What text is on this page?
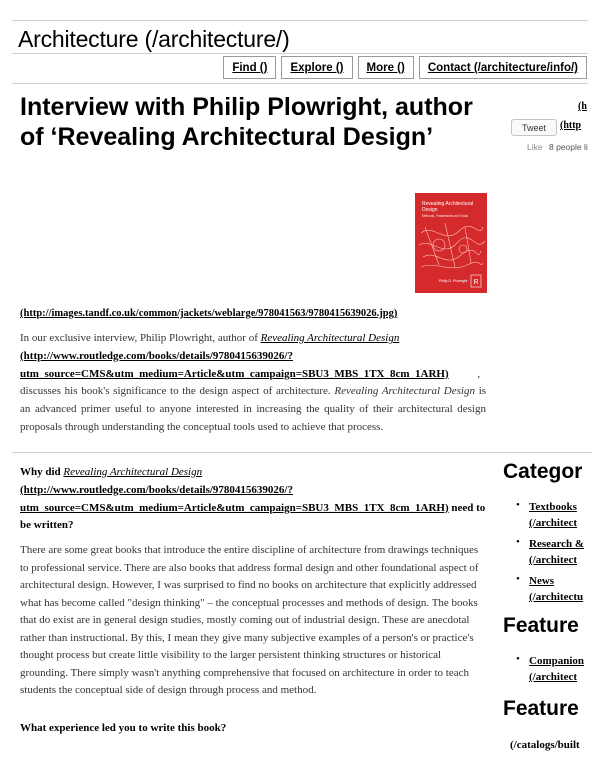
Architecture (/architecture/)
Find ()	Explore ()	More ()	Contact (/architecture/info/)
Interview with Philip Plowright, author of ‘Revealing Architectural Design’
(h
Tweet	(http
Like 8 people li
R
Revealing Architectural Design
Methods, Frameworks and Tools
Philip D. Plowright
(http://images.tandf.co.uk/common/jackets/weblarge/978041563/9780415639026.jpg)

In our exclusive interview, Philip Plowright, author of Revealing Architectural Design
(http://www.routledge.com/books/details/9780415639026/?
utm_source=CMS&utm_medium=Article&utm_campaign=SBU3_MBS_1TX_8cm_1ARH)	,
discusses his book's significance to the design aspect of architecture. Revealing Architectural Design is an advanced primer useful to anyone interested in increasing the quality of their architectural design proposals through understanding the conceptual tools used to achieve that process.

Why did Revealing Architectural Design
(http://www.routledge.com/books/details/9780415639026/?
utm_source=CMS&utm_medium=Article&utm_campaign=SBU3_MBS_1TX_8cm_1ARH) need to be written?

There are some great books that introduce the entire discipline of architecture from drawings techniques to professional service. There are also books that address formal design and other foundational aspect of architectural design. However, I was surprised to find no books on architecture that explicitly addressed what has become called "design thinking" – the conceptual processes and methods of design. The books that do exist are in general design studies, mostly coming out of industrial design. These are anecdotal rather than instructional. By this, I mean they give many subjective examples of a person's or practice's thought process but create little visibility to the larger persistent thinking structures or historical grounding. There simply wasn't anything comprehensive that focused on architecture in order to teach students the conceptual side of design through process and method.

What experience led you to write this book?

Categor
• Textbooks
(/architect
• Research &
(/architect
• News
(/architectu
Feature
• Companion
(/architect
Feature
(/catalogs/built
